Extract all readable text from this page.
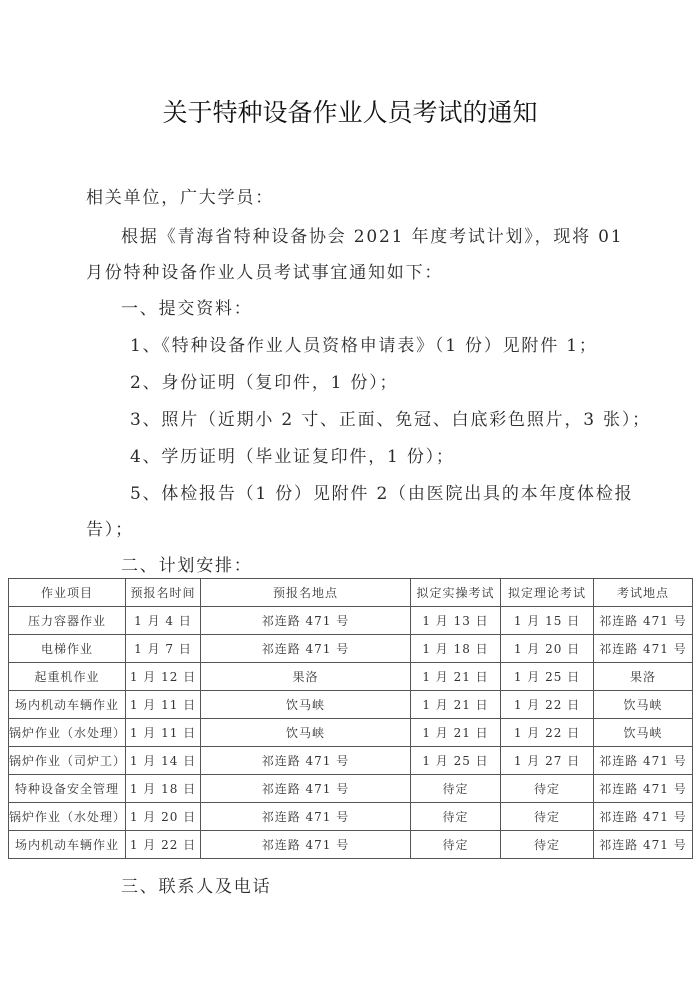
关于特种设备作业人员考试的通知
相关单位，广大学员：
根据《青海省特种设备协会 2021 年度考试计划》，现将 01
月份特种设备作业人员考试事宜通知如下：
一、提交资料：
1、《特种设备作业人员资格申请表》（1 份）见附件 1；
2、身份证明（复印件，1 份）；
3、照片（近期小 2 寸、正面、免冠、白底彩色照片，3 张）；
4、学历证明（毕业证复印件，1 份）；
5、体检报告（1 份）见附件 2（由医院出具的本年度体检报
告）；
二、计划安排：
作业项目	预报名时间	预报名地点	拟定实操考试	拟定理论考试	考试地点
压力容器作业	1 月 4 日	祁连路 471 号	1 月 13 日	1 月 15 日	祁连路 471 号
电梯作业	1 月 7 日	祁连路 471 号	1 月 18 日	1 月 20 日	祁连路 471 号
起重机作业	1 月 12 日	果洛	1 月 21 日	1 月 25 日	果洛
场内机动车辆作业	1 月 11 日	饮马峡	1 月 21 日	1 月 22 日	饮马峡
锅炉作业（水处理）	1 月 11 日	饮马峡	1 月 21 日	1 月 22 日	饮马峡
锅炉作业（司炉工）	1 月 14 日	祁连路 471 号	1 月 25 日	1 月 27 日	祁连路 471 号
特种设备安全管理	1 月 18 日	祁连路 471 号	待定	待定	祁连路 471 号
锅炉作业（水处理）	1 月 20 日	祁连路 471 号	待定	待定	祁连路 471 号
场内机动车辆作业	1 月 22 日	祁连路 471 号	待定	待定	祁连路 471 号
三、联系人及电话
